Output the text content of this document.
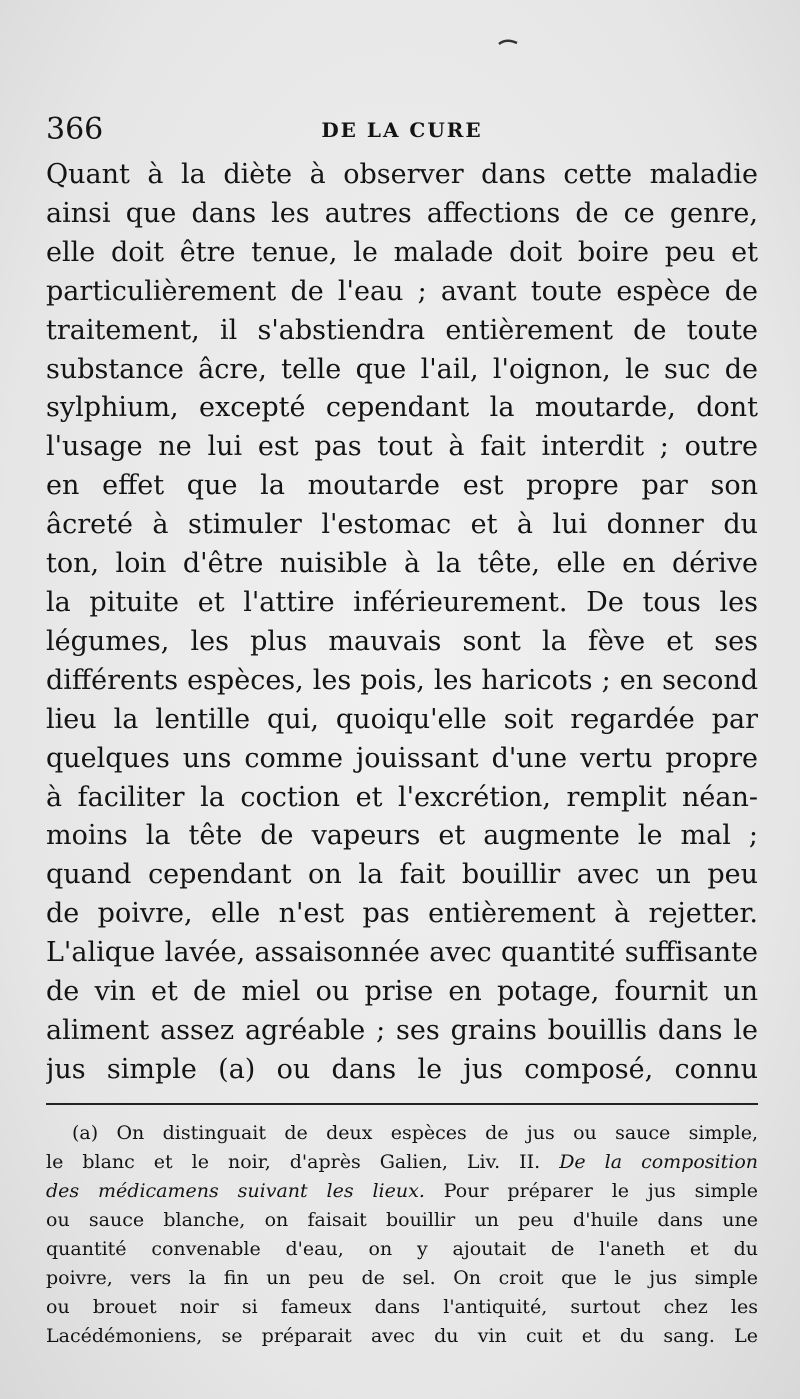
366	DE LA CURE
Quant à la diète à observer dans cette maladie
ainsi que dans les autres affections de ce genre,
elle doit être tenue, le malade doit boire peu et
particulièrement de l'eau ; avant toute espèce de
traitement, il s'abstiendra entièrement de toute
substance âcre, telle que l'ail, l'oignon, le suc de
sylphium, excepté cependant la moutarde, dont
l'usage ne lui est pas tout à fait interdit ; outre
en effet que la moutarde est propre par son
âcreté à stimuler l'estomac et à lui donner du
ton, loin d'être nuisible à la tête, elle en dérive
la pituite et l'attire inférieurement. De tous les
légumes, les plus mauvais sont la fève et ses
différents espèces, les pois, les haricots ; en second
lieu la lentille qui, quoiqu'elle soit regardée par
quelques uns comme jouissant d'une vertu propre
à faciliter la coction et l'excrétion, remplit néan-
moins la tête de vapeurs et augmente le mal ;
quand cependant on la fait bouillir avec un peu
de poivre, elle n'est pas entièrement à rejetter.
L'alique lavée, assaisonnée avec quantité suffisante
de vin et de miel ou prise en potage, fournit un
aliment assez agréable ; ses grains bouillis dans le
jus simple (a) ou dans le jus composé, connu
(a) On distinguait de deux espèces de jus ou sauce simple,
le blanc et le noir, d'après Galien, Liv. II. De la composition
des médicamens suivant les lieux. Pour préparer le jus simple
ou sauce blanche, on faisait bouillir un peu d'huile dans une
quantité convenable d'eau, on y ajoutait de l'aneth et du
poivre, vers la fin un peu de sel. On croit que le jus simple
ou brouet noir si fameux dans l'antiquité, surtout chez les
Lacédémoniens, se préparait avec du vin cuit et du sang. Le
